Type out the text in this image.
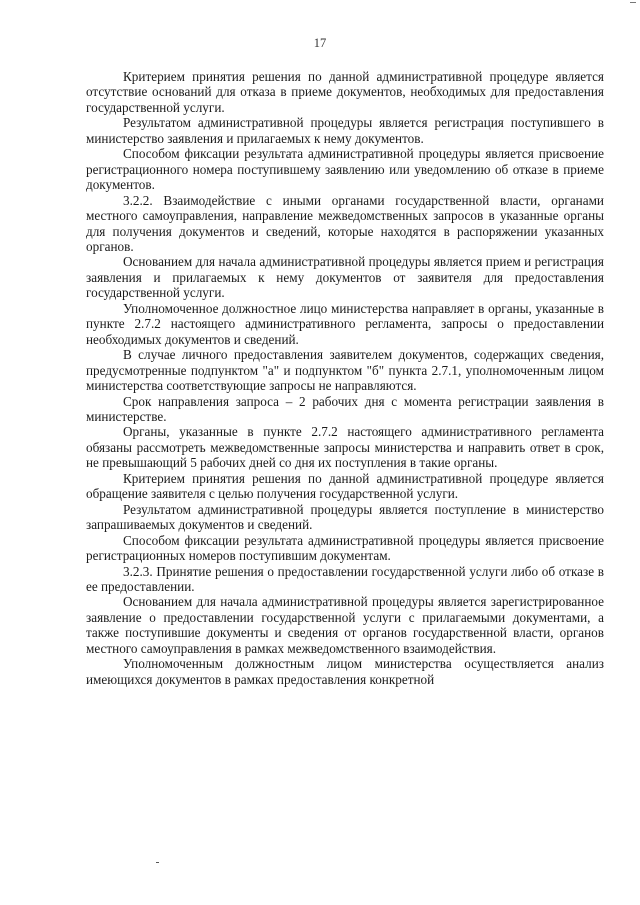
17

Критерием принятия решения по данной административной процедуре является отсутствие оснований для отказа в приеме документов, необходимых для предоставления государственной услуги.

Результатом административной процедуры является регистрация поступившего в министерство заявления и прилагаемых к нему документов.

Способом фиксации результата административной процедуры является присвоение регистрационного номера поступившему заявлению или уведомлению об отказе в приеме документов.

3.2.2. Взаимодействие с иными органами государственной власти, органами местного самоуправления, направление межведомственных запросов в указанные органы для получения документов и сведений, которые находятся в распоряжении указанных органов.

Основанием для начала административной процедуры является прием и регистрация заявления и прилагаемых к нему документов от заявителя для предоставления государственной услуги.

Уполномоченное должностное лицо министерства направляет в органы, указанные в пункте 2.7.2 настоящего административного регламента, запросы о предоставлении необходимых документов и сведений.

В случае личного предоставления заявителем документов, содержащих сведения, предусмотренные подпунктом "а" и подпунктом "б" пункта 2.7.1, уполномоченным лицом министерства соответствующие запросы не направляются.

Срок направления запроса – 2 рабочих дня с момента регистрации заявления в министерстве.

Органы, указанные в пункте 2.7.2 настоящего административного регламента обязаны рассмотреть межведомственные запросы министерства и направить ответ в срок, не превышающий 5 рабочих дней со дня их поступления в такие органы.

Критерием принятия решения по данной административной процедуре является обращение заявителя с целью получения государственной услуги.

Результатом административной процедуры является поступление в министерство запрашиваемых документов и сведений.

Способом фиксации результата административной процедуры является присвоение регистрационных номеров поступившим документам.

3.2.3. Принятие решения о предоставлении государственной услуги либо об отказе в ее предоставлении.

Основанием для начала административной процедуры является зарегистрированное заявление о предоставлении государственной услуги с прилагаемыми документами, а также поступившие документы и сведения от органов государственной власти, органов местного самоуправления в рамках межведомственного взаимодействия.

Уполномоченным должностным лицом министерства осуществляется анализ имеющихся документов в рамках предоставления конкретной
